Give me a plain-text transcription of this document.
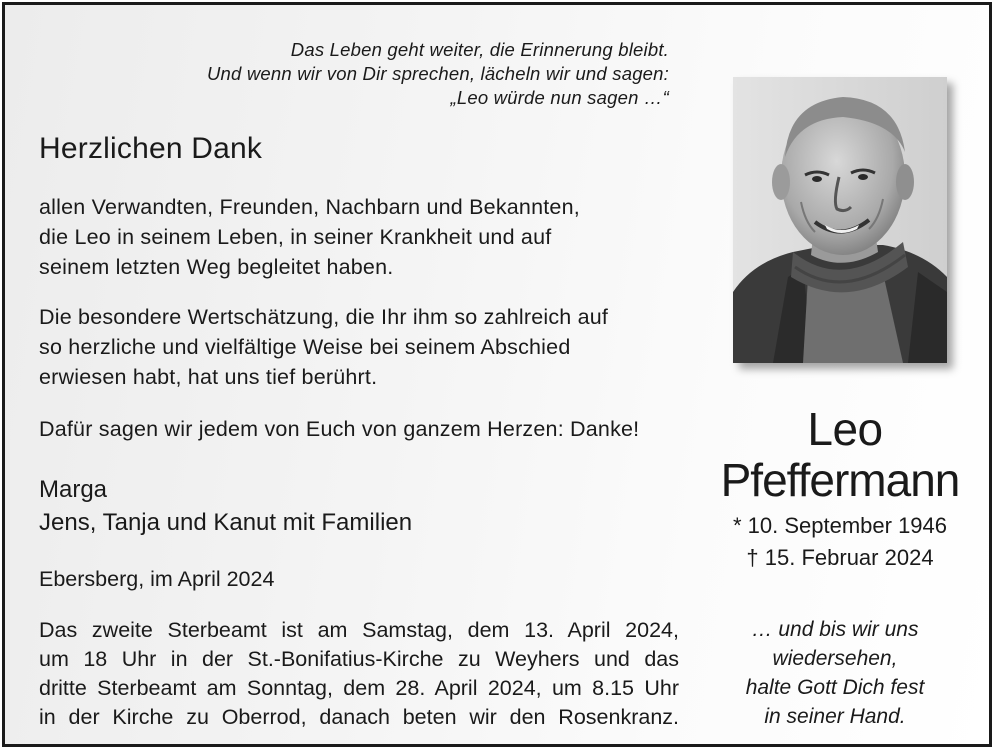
Das Leben geht weiter, die Erinnerung bleibt.
Und wenn wir von Dir sprechen, lächeln wir und sagen:
„Leo würde nun sagen …“
Herzlichen Dank
allen Verwandten, Freunden, Nachbarn und Bekannten,
die Leo in seinem Leben, in seiner Krankheit und auf
seinem letzten Weg begleitet haben.
Die besondere Wertschätzung, die Ihr ihm so zahlreich auf
so herzliche und vielfältige Weise bei seinem Abschied
erwiesen habt, hat uns tief berührt.
Dafür sagen wir jedem von Euch von ganzem Herzen: Danke!
Marga
Jens, Tanja und Kanut mit Familien
Ebersberg, im April 2024
Das zweite Sterbeamt ist am Samstag, dem 13. April 2024,
um 18 Uhr in der St.-Bonifatius-Kirche zu Weyhers und das
dritte Sterbeamt am Sonntag, dem 28. April 2024, um 8.15 Uhr
in der Kirche zu Oberrod, danach beten wir den Rosenkranz.
Leo
Pfeffermann
* 10. September 1946
† 15. Februar 2024
… und bis wir uns
wiedersehen,
halte Gott Dich fest
in seiner Hand.
